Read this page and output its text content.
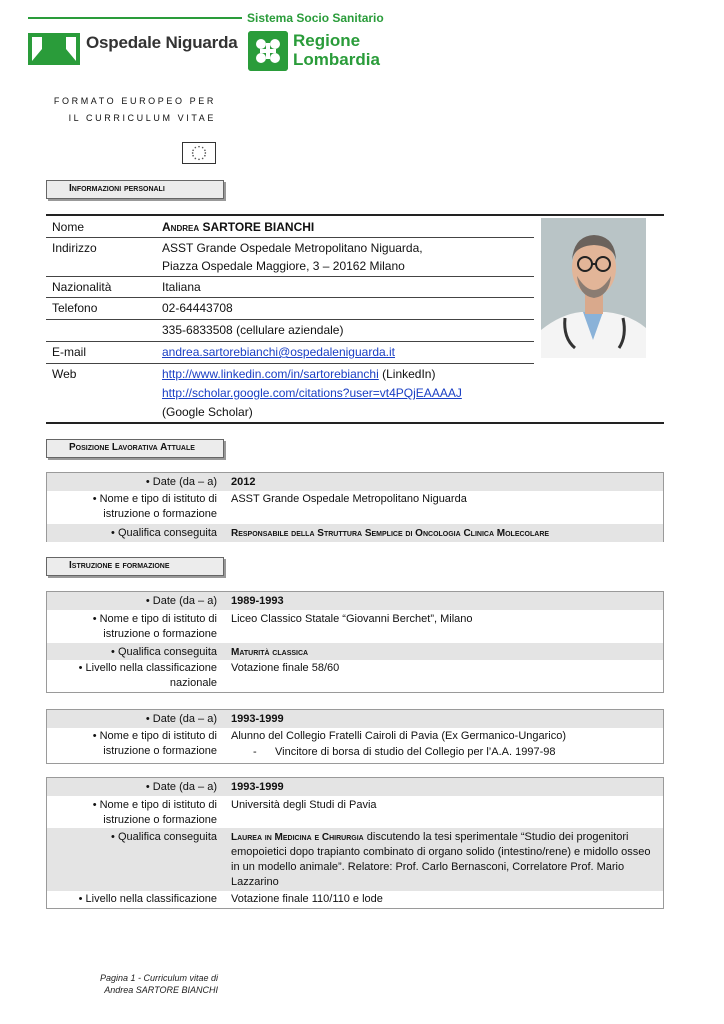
Sistema Socio Sanitario
Ospedale Niguarda	Regione
Lombardia
FORMATO EUROPEO PER
IL CURRICULUM VITAE
Informazioni personali
Nome	Andrea SARTORE BIANCHI
Indirizzo	ASST Grande Ospedale Metropolitano Niguarda,
Piazza Ospedale Maggiore, 3 – 20162 Milano
Nazionalità	Italiana
Telefono	02-64443708
335-6833508 (cellulare aziendale)
E-mail	andrea.sartorebianchi@ospedaleniguarda.it
Web	http://www.linkedin.com/in/sartorebianchi (LinkedIn)
http://scholar.google.com/citations?user=vt4PQjEAAAAJ
(Google Scholar)
Posizione Lavorativa Attuale
• Date (da – a) 2012
• Nome e tipo di istituto di
istruzione o formazione
ASST Grande Ospedale Metropolitano Niguarda
• Qualifica conseguita Responsabile della Struttura Semplice di Oncologia Clinica Molecolare
Istruzione e formazione
• Date (da – a) 1989-1993
• Nome e tipo di istituto di
istruzione o formazione
Liceo Classico Statale “Giovanni Berchet”, Milano
• Qualifica conseguita Maturità classica
• Livello nella classificazione
nazionale
Votazione finale 58/60
• Date (da – a) 1993-1999
• Nome e tipo di istituto di
istruzione o formazione
Alunno del Collegio Fratelli Cairoli di Pavia (Ex Germanico-Ungarico)
- Vincitore di borsa di studio del Collegio per l’A.A. 1997-98
• Date (da – a) 1993-1999
• Nome e tipo di istituto di
istruzione o formazione
Università degli Studi di Pavia
• Qualifica conseguita Laurea in Medicina e Chirurgia discutendo la tesi sperimentale “Studio dei progenitori emopoietici dopo trapianto combinato di organo solido (intestino/rene) e midollo osseo in un modello animale”. Relatore: Prof. Carlo Bernasconi, Correlatore Prof. Mario Lazzarino
• Livello nella classificazione Votazione finale 110/110 e lode
Pagina 1 - Curriculum vitae di
Andrea SARTORE BIANCHI
